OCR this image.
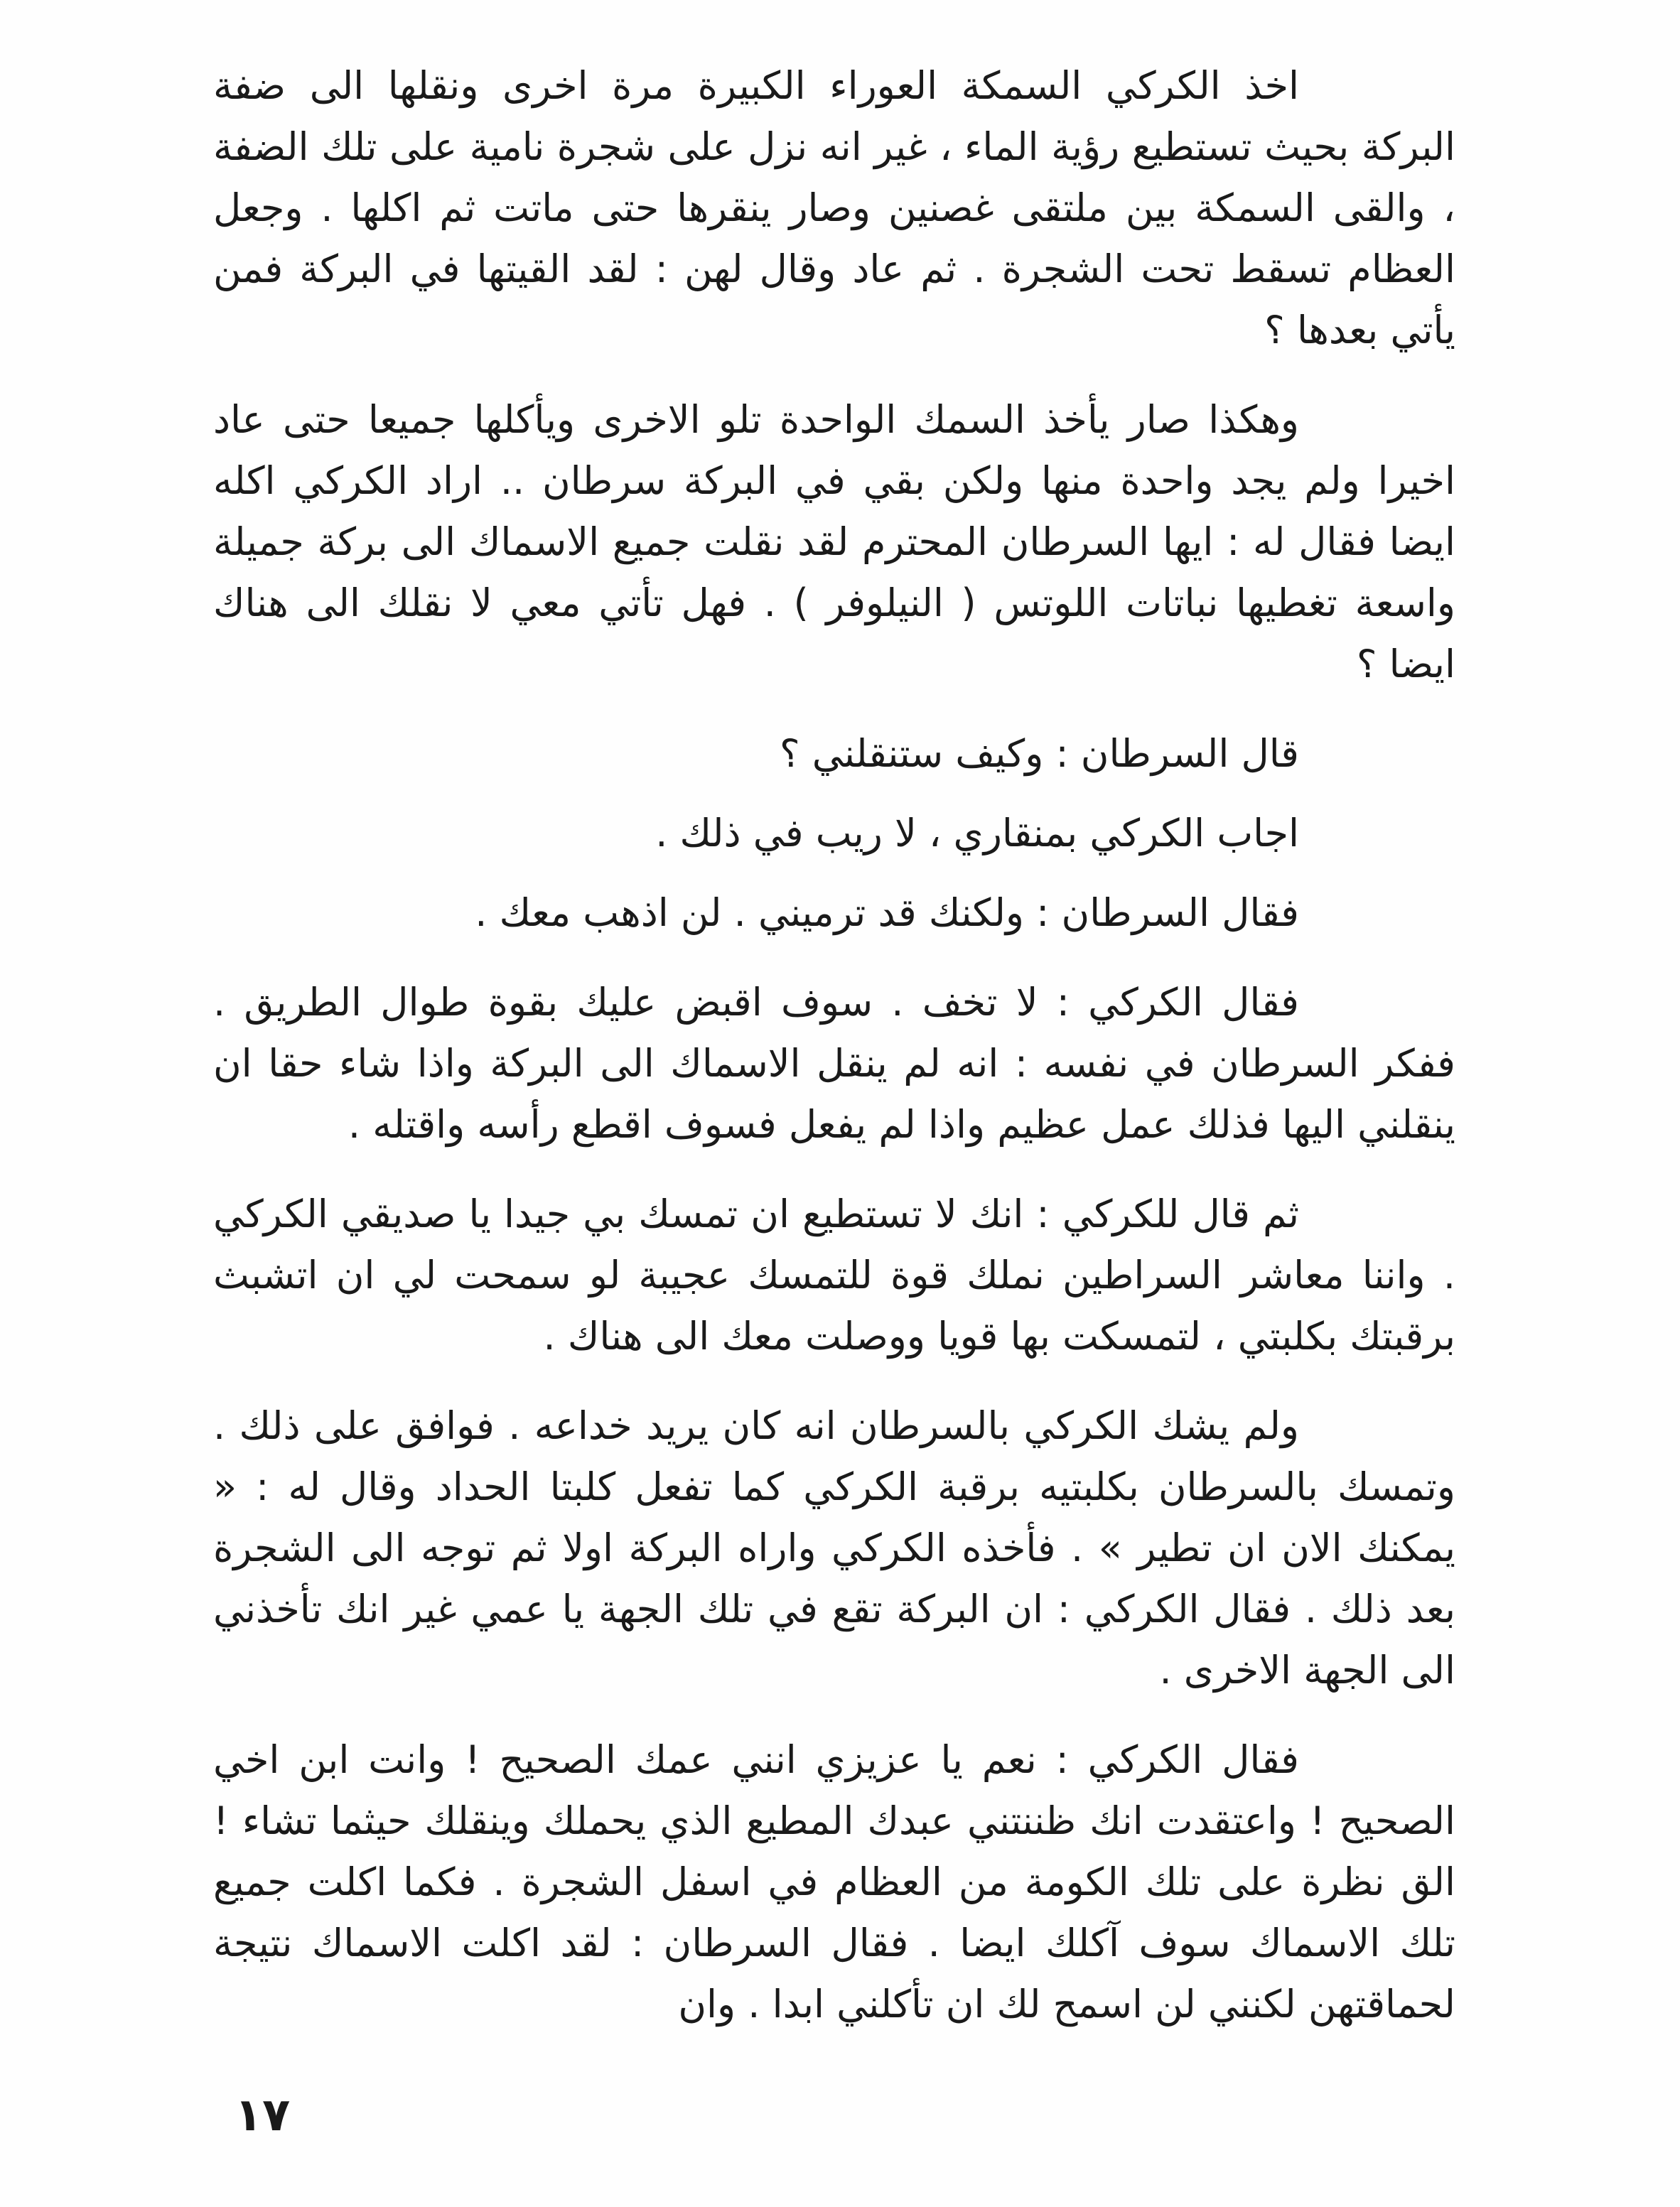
اخذ الكركي السمكة العوراء الكبيرة مرة اخرى ونقلها الى ضفة البركة بحيث تستطيع رؤية الماء ، غير انه نزل على شجرة نامية على تلك الضفة ، والقى السمكة بين ملتقى غصنين وصار ينقرها حتى ماتت ثم اكلها . وجعل العظام تسقط تحت الشجرة . ثم عاد وقال لهن : لقد القيتها في البركة فمن يأتي بعدها ؟

وهكذا صار يأخذ السمك الواحدة تلو الاخرى ويأكلها جميعا حتى عاد اخيرا ولم يجد واحدة منها ولكن بقي في البركة سرطان .. اراد الكركي اكله ايضا فقال له : ايها السرطان المحترم لقد نقلت جميع الاسماك الى بركة جميلة واسعة تغطيها نباتات اللوتس ( النيلوفر ) . فهل تأتي معي لا نقلك الى هناك ايضا ؟

قال السرطان : وكيف ستنقلني ؟

اجاب الكركي بمنقاري ، لا ريب في ذلك .

فقال السرطان : ولكنك قد ترميني . لن اذهب معك .

فقال الكركي : لا تخف . سوف اقبض عليك بقوة طوال الطريق . ففكر السرطان في نفسه : انه لم ينقل الاسماك الى البركة واذا شاء حقا ان ينقلني اليها فذلك عمل عظيم واذا لم يفعل فسوف اقطع رأسه واقتله .

ثم قال للكركي : انك لا تستطيع ان تمسك بي جيدا يا صديقي الكركي . واننا معاشر السراطين نملك قوة للتمسك عجيبة لو سمحت لي ان اتشبث برقبتك بكلبتي ، لتمسكت بها قويا ووصلت معك الى هناك .

ولم يشك الكركي بالسرطان انه كان يريد خداعه . فوافق على ذلك . وتمسك بالسرطان بكلبتيه برقبة الكركي كما تفعل كلبتا الحداد وقال له : « يمكنك الان ان تطير » . فأخذه الكركي واراه البركة اولا ثم توجه الى الشجرة بعد ذلك . فقال الكركي : ان البركة تقع في تلك الجهة يا عمي غير انك تأخذني الى الجهة الاخرى .

فقال الكركي : نعم يا عزيزي انني عمك الصحيح ! وانت ابن اخي الصحيح ! واعتقدت انك ظننتني عبدك المطيع الذي يحملك وينقلك حيثما تشاء ! الق نظرة على تلك الكومة من العظام في اسفل الشجرة . فكما اكلت جميع تلك الاسماك سوف آكلك ايضا . فقال السرطان : لقد اكلت الاسماك نتيجة لحماقتهن لكنني لن اسمح لك ان تأكلني ابدا . وان

١٧
